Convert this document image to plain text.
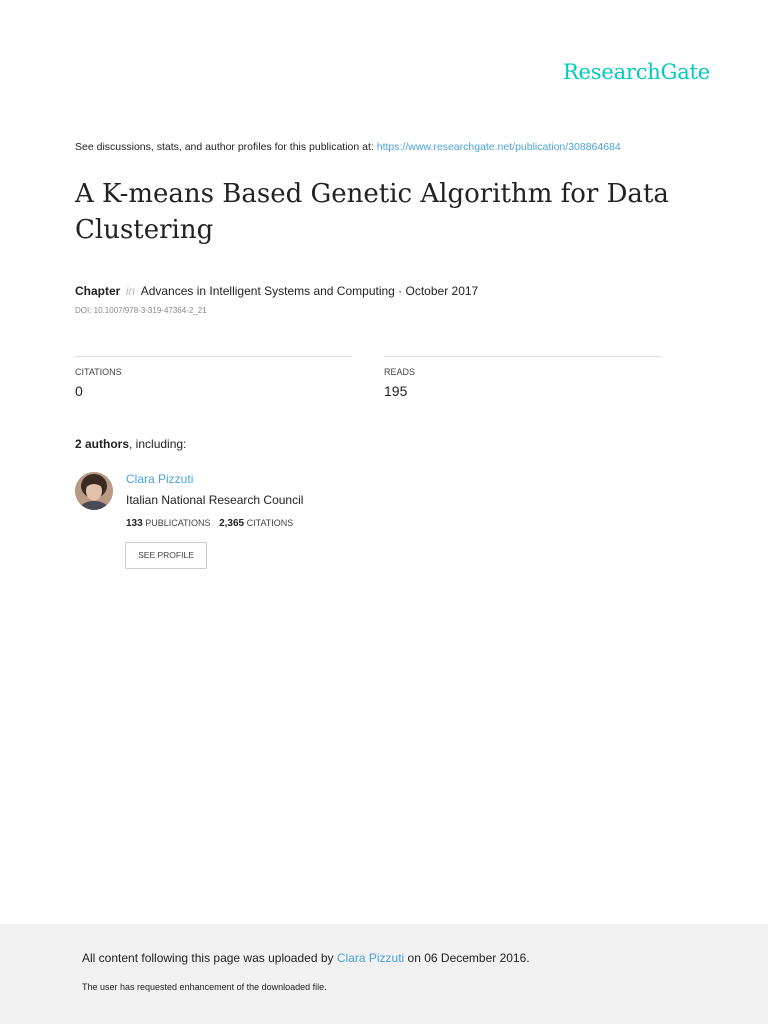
ResearchGate
See discussions, stats, and author profiles for this publication at: https://www.researchgate.net/publication/308864684
A K-means Based Genetic Algorithm for Data Clustering
Chapter in Advances in Intelligent Systems and Computing · October 2017
DOI: 10.1007/978-3-319-47364-2_21
CITATIONS
0
READS
195
2 authors, including:
Clara Pizzuti
Italian National Research Council
133 PUBLICATIONS 2,365 CITATIONS
SEE PROFILE
All content following this page was uploaded by Clara Pizzuti on 06 December 2016.
The user has requested enhancement of the downloaded file.
